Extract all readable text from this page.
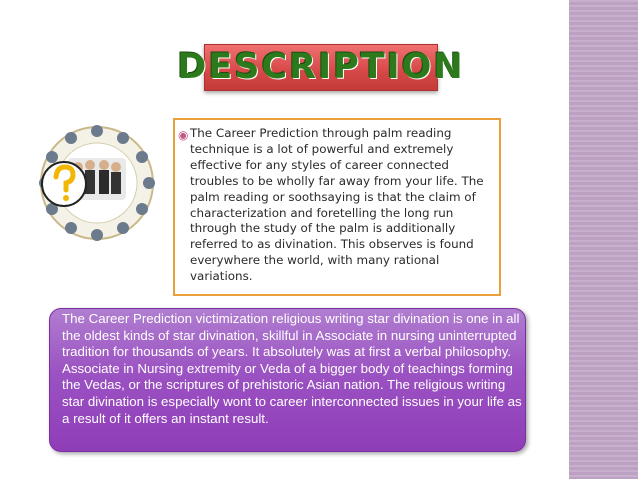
DESCRIPTION
◉ The Career Prediction through palm reading technique is a lot of powerful and extremely effective for any styles of career connected troubles to be wholly far away from your life. The palm reading or soothsaying is that the claim of characterization and foretelling the long run through the study of the palm is additionally referred to as divination. This observes is found everywhere the world, with many rational variations.

The Career Prediction victimization religious writing star divination is one in all the oldest kinds of star divination, skillful in Associate in nursing uninterrupted tradition for thousands of years. It absolutely was at first a verbal philosophy. Associate in Nursing extremity or Veda of a bigger body of teachings forming the Vedas, or the scriptures of prehistoric Asian nation. The religious writing star divination is especially wont to career interconnected issues in your life as a result of it offers an instant result.
